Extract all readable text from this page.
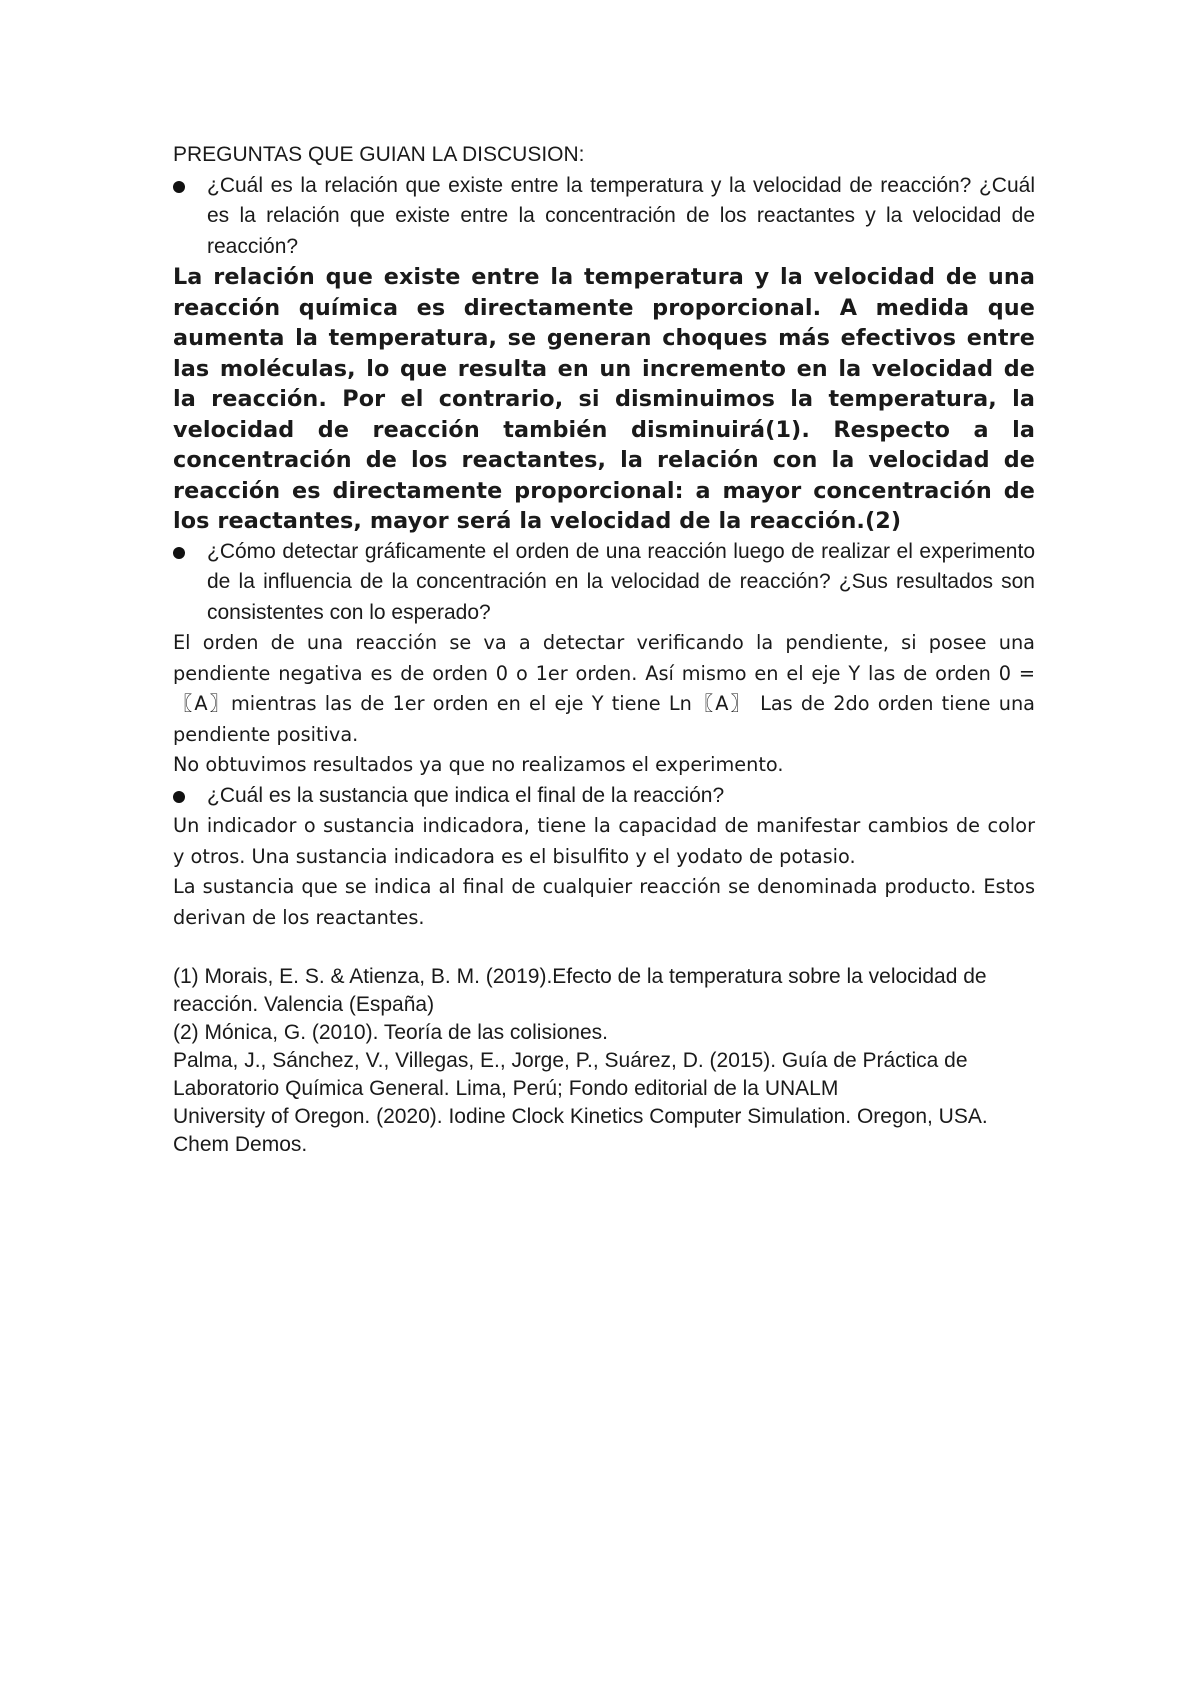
PREGUNTAS QUE GUIAN LA DISCUSION:

¿Cuál es la relación que existe entre la temperatura y la velocidad de reacción? ¿Cuál es la relación que existe entre la concentración de los reactantes y la velocidad de reacción?

La relación que existe entre la temperatura y la velocidad de una reacción química es directamente proporcional. A medida que aumenta la temperatura, se generan choques más efectivos entre las moléculas, lo que resulta en un incremento en la velocidad de la reacción. Por el contrario, si disminuimos la temperatura, la velocidad de reacción también disminuirá(1). Respecto a la concentración de los reactantes, la relación con la velocidad de reacción es directamente proporcional: a mayor concentración de los reactantes, mayor será la velocidad de la reacción.(2)

¿Cómo detectar gráficamente el orden de una reacción luego de realizar el experimento de la influencia de la concentración en la velocidad de reacción? ¿Sus resultados son consistentes con lo esperado?

El orden de una reacción se va a detectar verificando la pendiente, si posee una pendiente negativa es de orden 0 o 1er orden. Así mismo en el eje Y las de orden 0 =〖A〗mientras las de 1er orden en el eje Y tiene Ln〖A〗 Las de 2do orden tiene una pendiente positiva.

No obtuvimos resultados ya que no realizamos el experimento.

¿Cuál es la sustancia que indica el final de la reacción?

Un indicador o sustancia indicadora, tiene la capacidad de manifestar cambios de color y otros. Una sustancia indicadora es el bisulfito y el yodato de potasio.

La sustancia que se indica al final de cualquier reacción se denominada producto. Estos derivan de los reactantes.

(1) Morais, E. S. & Atienza, B. M. (2019).Efecto de la temperatura sobre la velocidad de reacción. Valencia (España)

(2) Mónica, G. (2010). Teoría de las colisiones.

Palma, J., Sánchez, V., Villegas, E., Jorge, P., Suárez, D. (2015). Guía de Práctica de Laboratorio Química General. Lima, Perú; Fondo editorial de la UNALM

University of Oregon. (2020). Iodine Clock Kinetics Computer Simulation. Oregon, USA. Chem Demos.
